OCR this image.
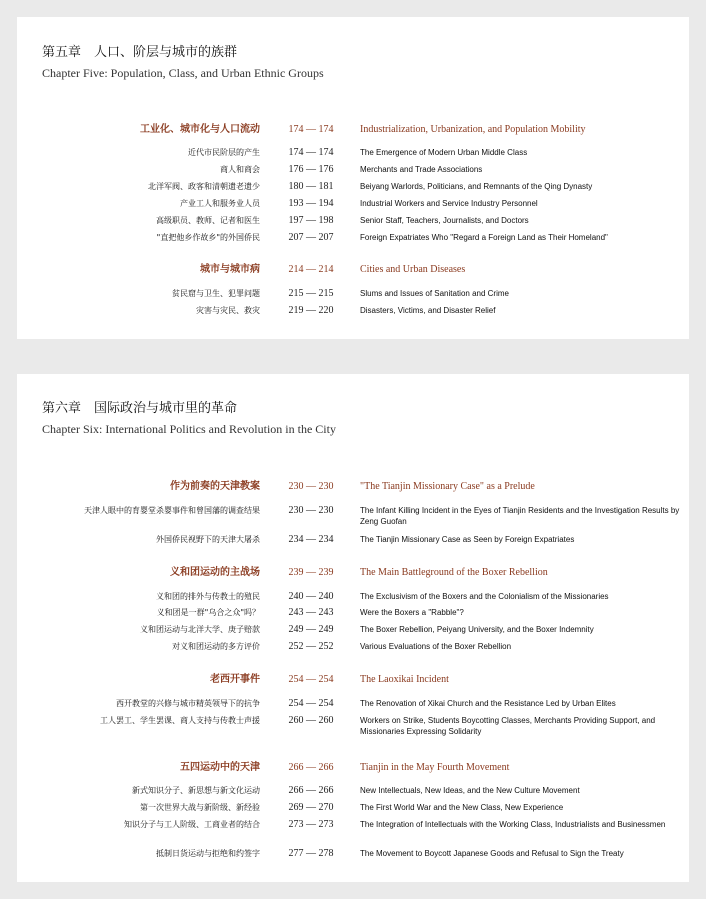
第五章　人口、阶层与城市的族群
Chapter Five: Population, Class, and Urban Ethnic Groups
工业化、城市化与人口流动	174 — 174	Industrialization, Urbanization, and Population Mobility
近代市民阶层的产生	174 — 174	The Emergence of Modern Urban Middle Class
商人和商会	176 — 176	Merchants and Trade Associations
北洋军阀、政客和清朝遗老遗少	180 — 181	Beiyang Warlords, Politicians, and Remnants of the Qing Dynasty
产业工人和服务业人员	193 — 194	Industrial Workers and Service Industry Personnel
高级职员、教师、记者和医生	197 — 198	Senior Staff, Teachers, Journalists, and Doctors
"直把他乡作故乡"的外国侨民	207 — 207	Foreign Expatriates Who "Regard a Foreign Land as Their Homeland"
城市与城市病	214 — 214	Cities and Urban Diseases
贫民窟与卫生、犯罪问题	215 — 215	Slums and Issues of Sanitation and Crime
灾害与灾民、救灾	219 — 220	Disasters, Victims, and Disaster Relief
第六章　国际政治与城市里的革命
Chapter Six: International Politics and Revolution in the City
作为前奏的天津教案	230 — 230	"The Tianjin Missionary Case" as a Prelude
天津人眼中的育婴堂杀婴事件和曾国藩的调查结果	230 — 230	The Infant Killing Incident in the Eyes of Tianjin Residents and the Investigation Results by Zeng Guofan
外国侨民视野下的天津大屠杀	234 — 234	The Tianjin Missionary Case as Seen by Foreign Expatriates
义和团运动的主战场	239 — 239	The Main Battleground of the Boxer Rebellion
义和团的排外与传教士的殖民	240 — 240	The Exclusivism of the Boxers and the Colonialism of the Missionaries
义和团是一群"乌合之众"吗？	243 — 243	Were the Boxers a "Rabble"?
义和团运动与北洋大学、庚子赔款	249 — 249	The Boxer Rebellion, Peiyang University, and the Boxer Indemnity
对义和团运动的多方评价	252 — 252	Various Evaluations of the Boxer Rebellion
老西开事件	254 — 254	The Laoxikai Incident
西开教堂的兴修与城市精英领导下的抗争	254 — 254	The Renovation of Xikai Church and the Resistance Led by Urban Elites
工人罢工、学生罢课、商人支持与传教士声援	260 — 260	Workers on Strike, Students Boycotting Classes, Merchants Providing Support, and Missionaries Expressing Solidarity
五四运动中的天津	266 — 266	Tianjin in the May Fourth Movement
新式知识分子、新思想与新文化运动	266 — 266	New Intellectuals, New Ideas, and the New Culture Movement
第一次世界大战与新阶级、新经验	269 — 270	The First World War and the New Class, New Experience
知识分子与工人阶级、工商业者的结合	273 — 273	The Integration of Intellectuals with the Working Class, Industrialists and Businessmen
抵制日货运动与拒绝和约签字	277 — 278	The Movement to Boycott Japanese Goods and Refusal to Sign the Treaty
